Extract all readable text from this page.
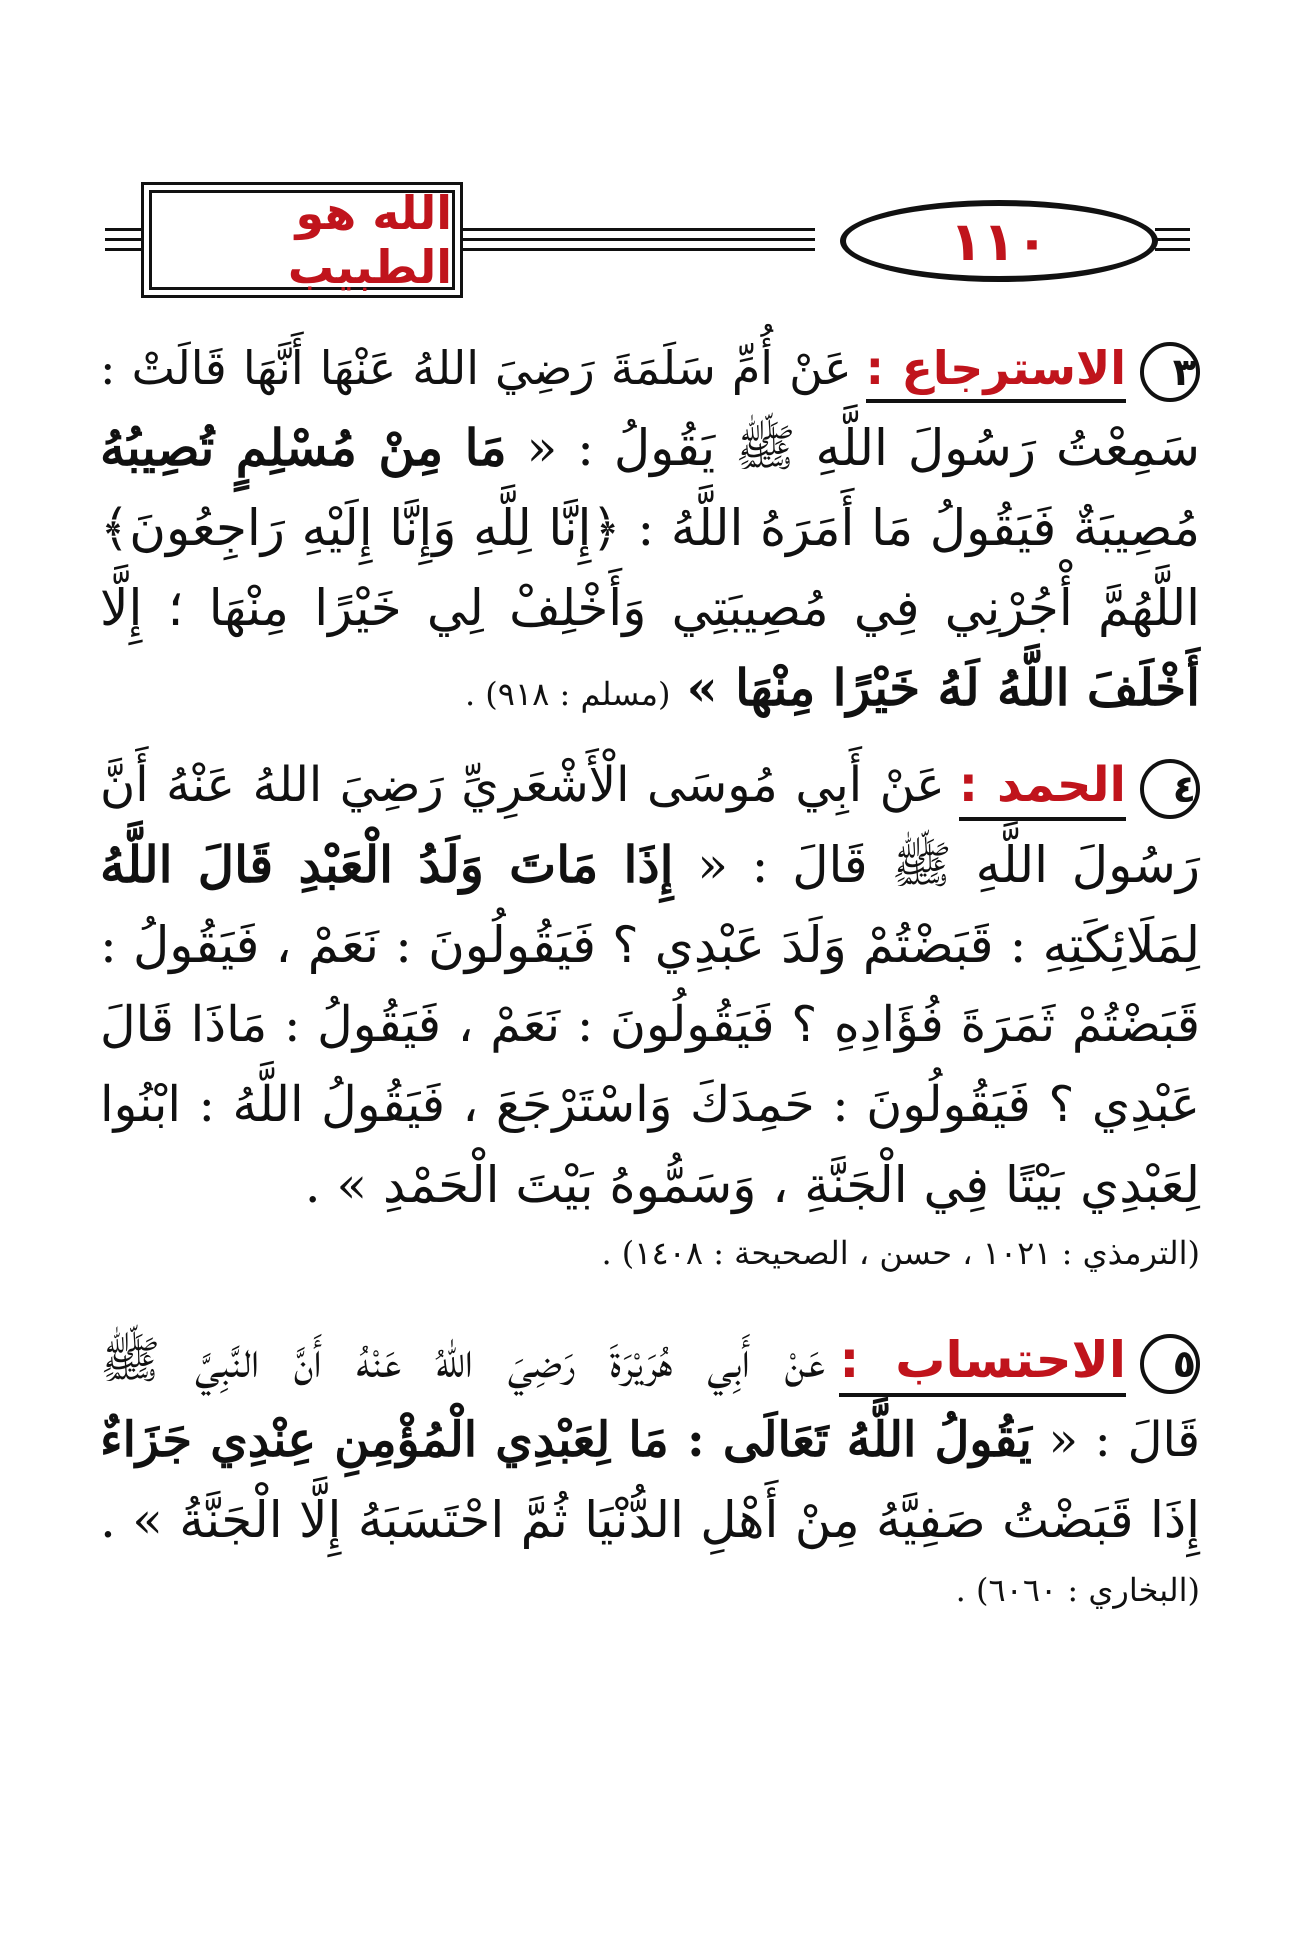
الله هو الطبيب	١١٠
٣الاسترجاع :عَنْ أُمِّ سَلَمَةَ رَضِيَ اللهُ عَنْهَا أَنَّهَا قَالَتْ :
سَمِعْتُ رَسُولَ اللَّهِ ﷺ يَقُولُ : « مَا مِنْ مُسْلِمٍ تُصِيبُهُ
مُصِيبَةٌ فَيَقُولُ مَا أَمَرَهُ اللَّهُ : ﴿إِنَّا لِلَّهِ وَإِنَّا إِلَيْهِ رَاجِعُونَ﴾
اللَّهُمَّ أْجُرْنِي فِي مُصِيبَتِي وَأَخْلِفْ لِي خَيْرًا مِنْهَا ؛ إِلَّا
أَخْلَفَ اللَّهُ لَهُ خَيْرًا مِنْهَا » (مسلم : ٩١٨) .
٤الحمد :عَنْ أَبِي مُوسَى الْأَشْعَرِيِّ رَضِيَ اللهُ عَنْهُ أَنَّ
رَسُولَ اللَّهِ ﷺ قَالَ : « إِذَا مَاتَ وَلَدُ الْعَبْدِ قَالَ اللَّهُ
لِمَلَائِكَتِهِ : قَبَضْتُمْ وَلَدَ عَبْدِي ؟ فَيَقُولُونَ : نَعَمْ ، فَيَقُولُ :
قَبَضْتُمْ ثَمَرَةَ فُؤَادِهِ ؟ فَيَقُولُونَ : نَعَمْ ، فَيَقُولُ : مَاذَا قَالَ
عَبْدِي ؟ فَيَقُولُونَ : حَمِدَكَ وَاسْتَرْجَعَ ، فَيَقُولُ اللَّهُ : ابْنُوا
لِعَبْدِي بَيْتًا فِي الْجَنَّةِ ، وَسَمُّوهُ بَيْتَ الْحَمْدِ » .
(الترمذي : ١٠٢١ ، حسن ، الصحيحة : ١٤٠٨) .
٥الاحتساب :عَنْ أَبِي هُرَيْرَةَ رَضِيَ اللهُ عَنْهُ أَنَّ النَّبِيَّ ﷺ
قَالَ : « يَقُولُ اللَّهُ تَعَالَى : مَا لِعَبْدِي الْمُؤْمِنِ عِنْدِي جَزَاءٌ
إِذَا قَبَضْتُ صَفِيَّهُ مِنْ أَهْلِ الدُّنْيَا ثُمَّ احْتَسَبَهُ إِلَّا الْجَنَّةُ » .
(البخاري : ٦٠٦٠) .
